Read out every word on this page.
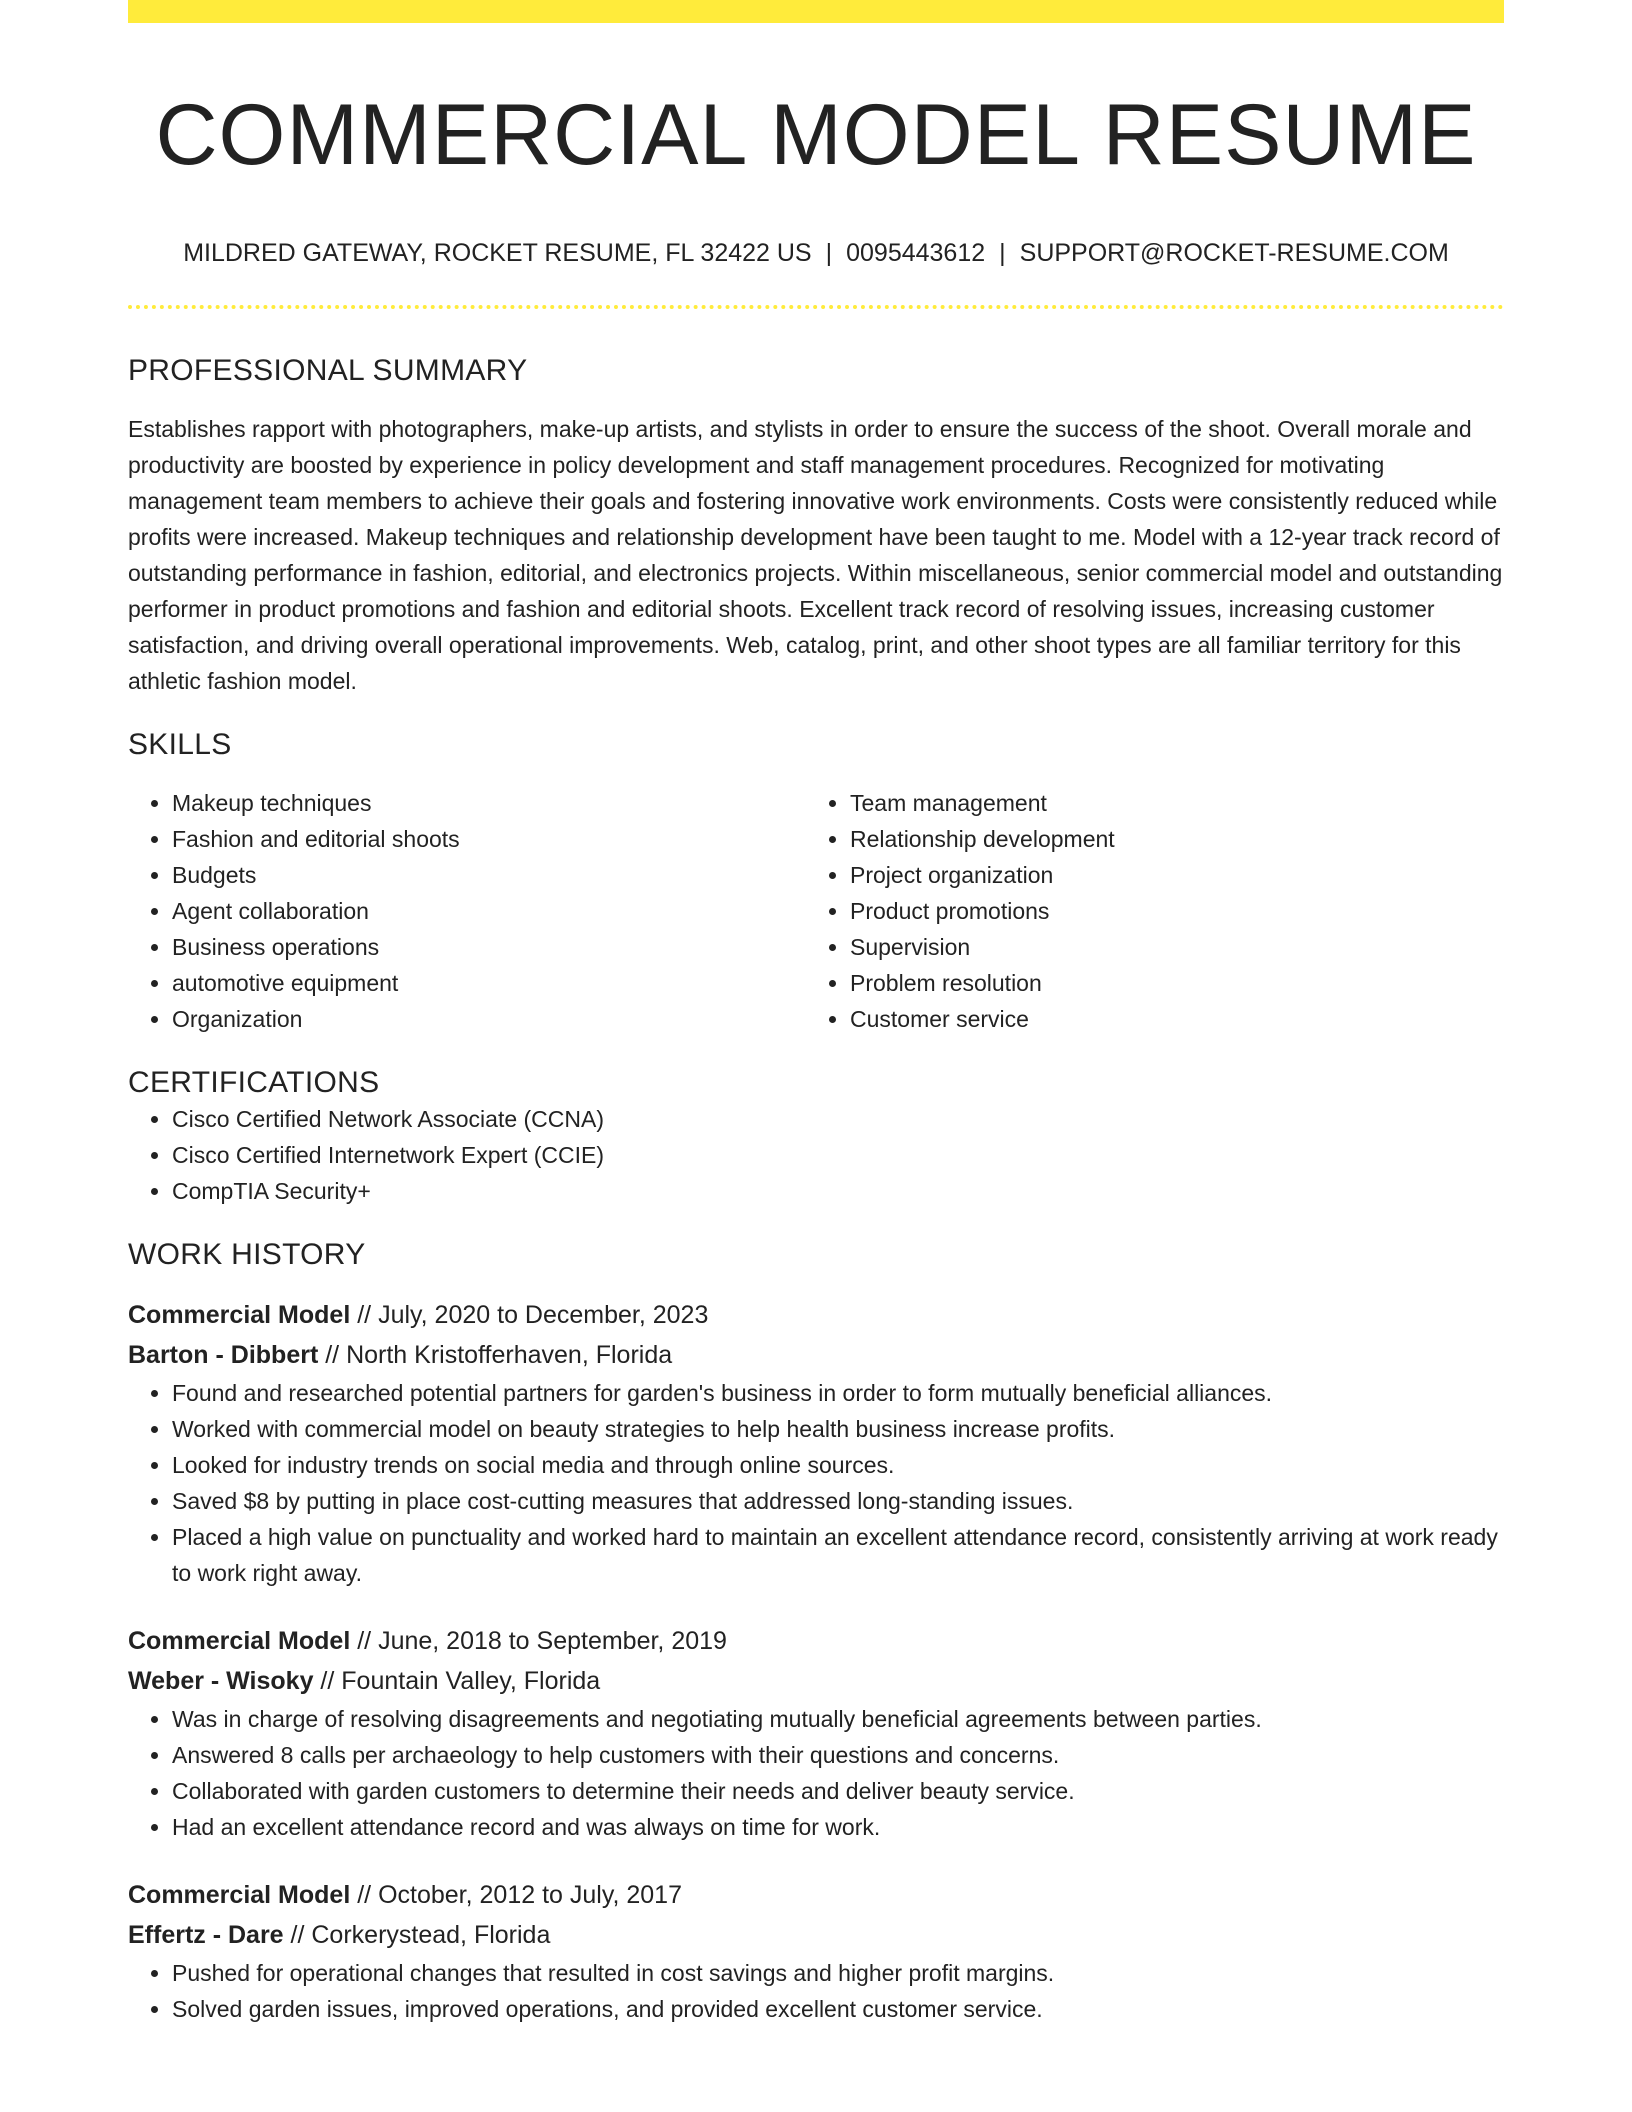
COMMERCIAL MODEL RESUME
MILDRED GATEWAY, ROCKET RESUME, FL 32422 US | 0095443612 | SUPPORT@ROCKET-RESUME.COM
PROFESSIONAL SUMMARY

Establishes rapport with photographers, make-up artists, and stylists in order to ensure the success of the shoot. Overall morale and productivity are boosted by experience in policy development and staff management procedures. Recognized for motivating management team members to achieve their goals and fostering innovative work environments. Costs were consistently reduced while profits were increased. Makeup techniques and relationship development have been taught to me. Model with a 12-year track record of outstanding performance in fashion, editorial, and electronics projects. Within miscellaneous, senior commercial model and outstanding performer in product promotions and fashion and editorial shoots. Excellent track record of resolving issues, increasing customer satisfaction, and driving overall operational improvements. Web, catalog, print, and other shoot types are all familiar territory for this athletic fashion model.

SKILLS
• Makeup techniques
• Fashion and editorial shoots
• Budgets
• Agent collaboration
• Business operations
• automotive equipment
• Organization
• Team management
• Relationship development
• Project organization
• Product promotions
• Supervision
• Problem resolution
• Customer service
CERTIFICATIONS
• Cisco Certified Network Associate (CCNA)
• Cisco Certified Internetwork Expert (CCIE)
• CompTIA Security+
WORK HISTORY
Commercial Model // July, 2020 to December, 2023
Barton - Dibbert // North Kristofferhaven, Florida
• Found and researched potential partners for garden's business in order to form mutually beneficial alliances.
• Worked with commercial model on beauty strategies to help health business increase profits.
• Looked for industry trends on social media and through online sources.
• Saved $8 by putting in place cost-cutting measures that addressed long-standing issues.
• Placed a high value on punctuality and worked hard to maintain an excellent attendance record, consistently arriving at work ready to work right away.
Commercial Model // June, 2018 to September, 2019
Weber - Wisoky // Fountain Valley, Florida
• Was in charge of resolving disagreements and negotiating mutually beneficial agreements between parties.
• Answered 8 calls per archaeology to help customers with their questions and concerns.
• Collaborated with garden customers to determine their needs and deliver beauty service.
• Had an excellent attendance record and was always on time for work.
Commercial Model // October, 2012 to July, 2017
Effertz - Dare // Corkerystead, Florida
• Pushed for operational changes that resulted in cost savings and higher profit margins.
• Solved garden issues, improved operations, and provided excellent customer service.
